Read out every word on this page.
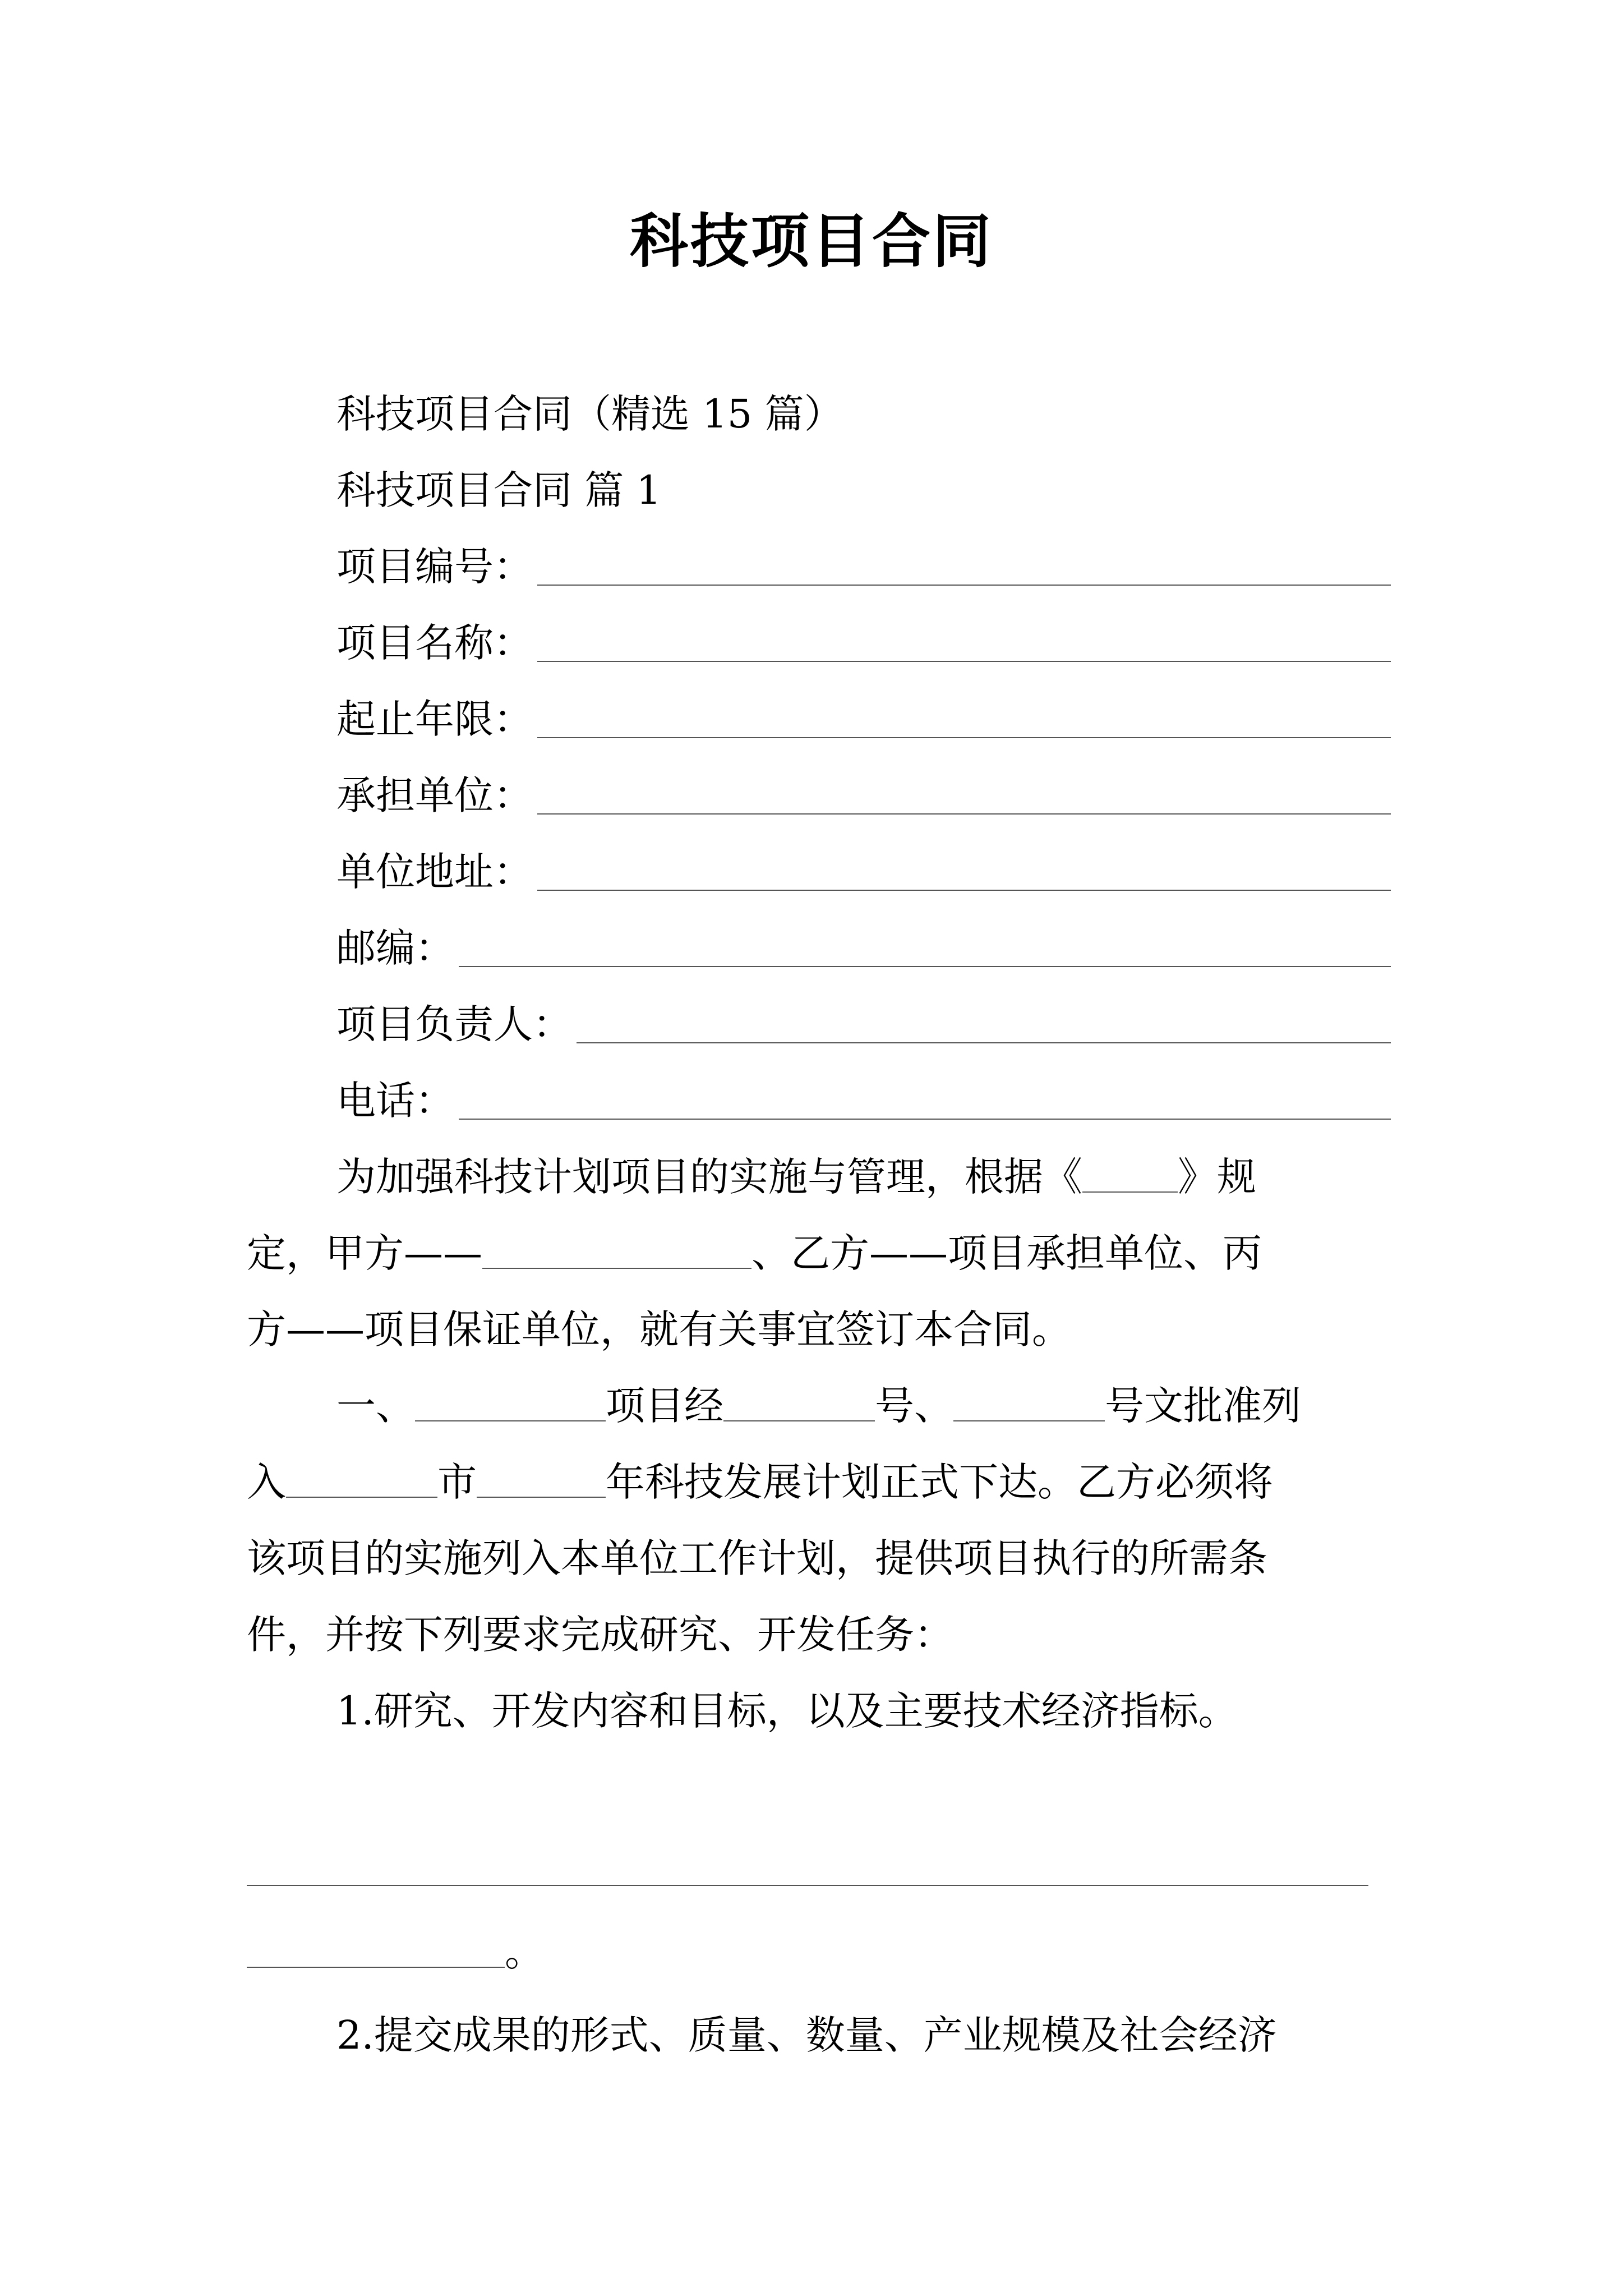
科技项目合同
科技项目合同（精选 15 篇）
科技项目合同 篇 1
项目编号：
项目名称：
起止年限：
承担单位：
单位地址：
邮编：
项目负责人：
电话：
为加强科技计划项目的实施与管理，根据《 》规
定，甲方——	、乙方——项目承担单位、丙
方——项目保证单位，就有关事宜签订本合同。
一、	项目经	号、	号文批准列
入	市	年科技发展计划正式下达。乙方必须将
该项目的实施列入本单位工作计划，提供项目执行的所需条
件，并按下列要求完成研究、开发任务：
1.研究、开发内容和目标，以及主要技术经济指标。
。
2.提交成果的形式、质量、数量、产业规模及社会经济
